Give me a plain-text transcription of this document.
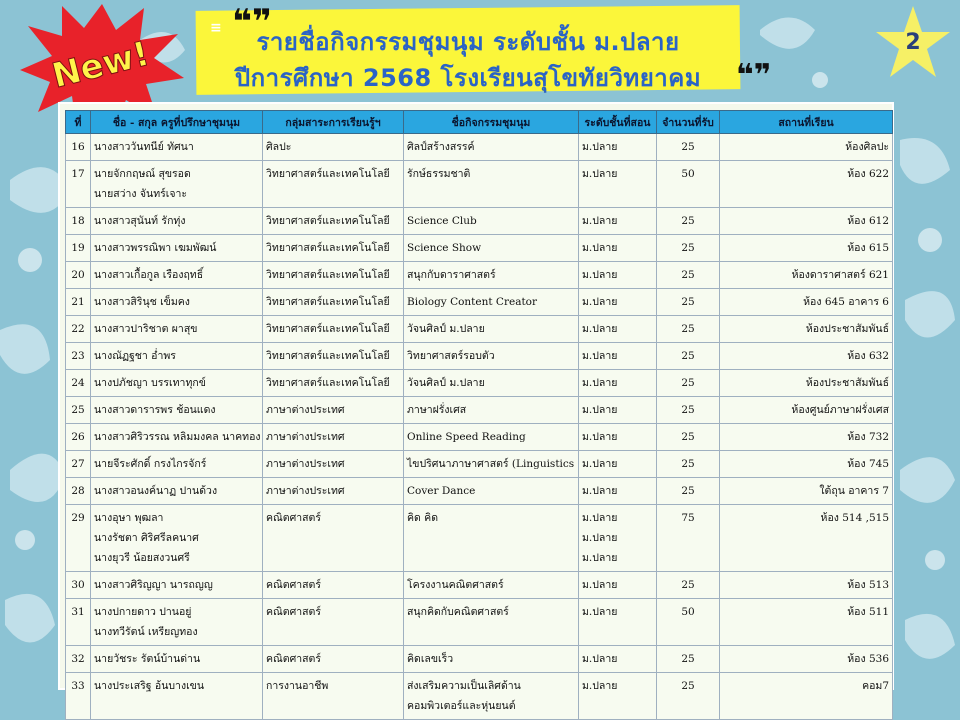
New!
❝❞
❝❞
≡	รายชื่อกิจกรรมชุมนุม ระดับชั้น ม.ปลาย
ปีการศึกษา 2568 โรงเรียนสุโขทัยวิทยาคม
2
ที่	ชื่อ - สกุล ครูที่ปรึกษาชุมนุม	กลุ่มสาระการเรียนรู้ฯ	ชื่อกิจกรรมชุมนุม	ระดับชั้นที่สอน	จำนวนที่รับ	สถานที่เรียน

16	นางสาววันทนีย์ ทัศนา	ศิลปะ	ศิลป์สร้างสรรค์	ม.ปลาย	25	ห้องศิลปะ

17	นายจักกฤษณ์ สุขรอด
นายสว่าง จันทร์เจาะ	วิทยาศาสตร์และเทคโนโลยี	รักษ์ธรรมชาติ	ม.ปลาย	50	ห้อง 622

18	นางสาวสุนันท์ รักทุ่ง	วิทยาศาสตร์และเทคโนโลยี	Science Club	ม.ปลาย	25	ห้อง 612

19	นางสาวพรรณิพา เฆมพัฒน์	วิทยาศาสตร์และเทคโนโลยี	Science Show	ม.ปลาย	25	ห้อง 615

20	นางสาวเกื้อกูล เรืองฤทธิ์	วิทยาศาสตร์และเทคโนโลยี	สนุกกับดาราศาสตร์	ม.ปลาย	25	ห้องดาราศาสตร์ 621

21	นางสาวสิรินุช เข็มคง	วิทยาศาสตร์และเทคโนโลยี	Biology Content Creator	ม.ปลาย	25	ห้อง 645 อาคาร 6

22	นางสาวปาริชาต ผาสุข	วิทยาศาสตร์และเทคโนโลยี	วัจนศิลป์ ม.ปลาย	ม.ปลาย	25	ห้องประชาสัมพันธ์

23	นางณัฏฐชา อ่ำพร	วิทยาศาสตร์และเทคโนโลยี	วิทยาศาสตร์รอบตัว	ม.ปลาย	25	ห้อง 632

24	นางปภัชญา บรรเทาทุกข์	วิทยาศาสตร์และเทคโนโลยี	วัจนศิลป์ ม.ปลาย	ม.ปลาย	25	ห้องประชาสัมพันธ์

25	นางสาวดารารพร ช้อนแดง	ภาษาต่างประเทศ	ภาษาฝรั่งเศส	ม.ปลาย	25	ห้องศูนย์ภาษาฝรั่งเศส

26	นางสาวศิริวรรณ หลิมมงคล นาคทอง	ภาษาต่างประเทศ	Online Speed Reading	ม.ปลาย	25	ห้อง 732

27	นายจีระศักดิ์ กรงไกรจักร์	ภาษาต่างประเทศ	ไขปริศนาภาษาศาสตร์ (Linguistics	ม.ปลาย	25	ห้อง 745

28	นางสาวอนงค์นาฏ ปานด้วง	ภาษาต่างประเทศ	Cover Dance	ม.ปลาย	25	ใต้ถุน อาคาร 7

29	นางอุษา พุฒลา
นางรัชตา ศิริศรีลคนาศ
นางยุวรี น้อยสงวนศรี	คณิตศาสตร์	คิด คิด	ม.ปลาย
ม.ปลาย
ม.ปลาย	75	ห้อง 514 ,515

30	นางสาวศิริญญา นารถญญ	คณิตศาสตร์	โครงงานคณิตศาสตร์	ม.ปลาย	25	ห้อง 513

31	นางปกายดาว ปานอยู่
นางทวีรัตน์ เหรียญทอง	คณิตศาสตร์	สนุกคิดกับคณิตศาสตร์	ม.ปลาย	50	ห้อง 511

32	นายวัชระ รัตน์บ้านด่าน	คณิตศาสตร์	คิดเลขเร็ว	ม.ปลาย	25	ห้อง 536

33	นางประเสริฐ อ้นบางเขน	การงานอาชีพ	ส่งเสริมความเป็นเลิศด้าน
คอมพิวเตอร์และหุ่นยนต์	ม.ปลาย	25	คอม7
